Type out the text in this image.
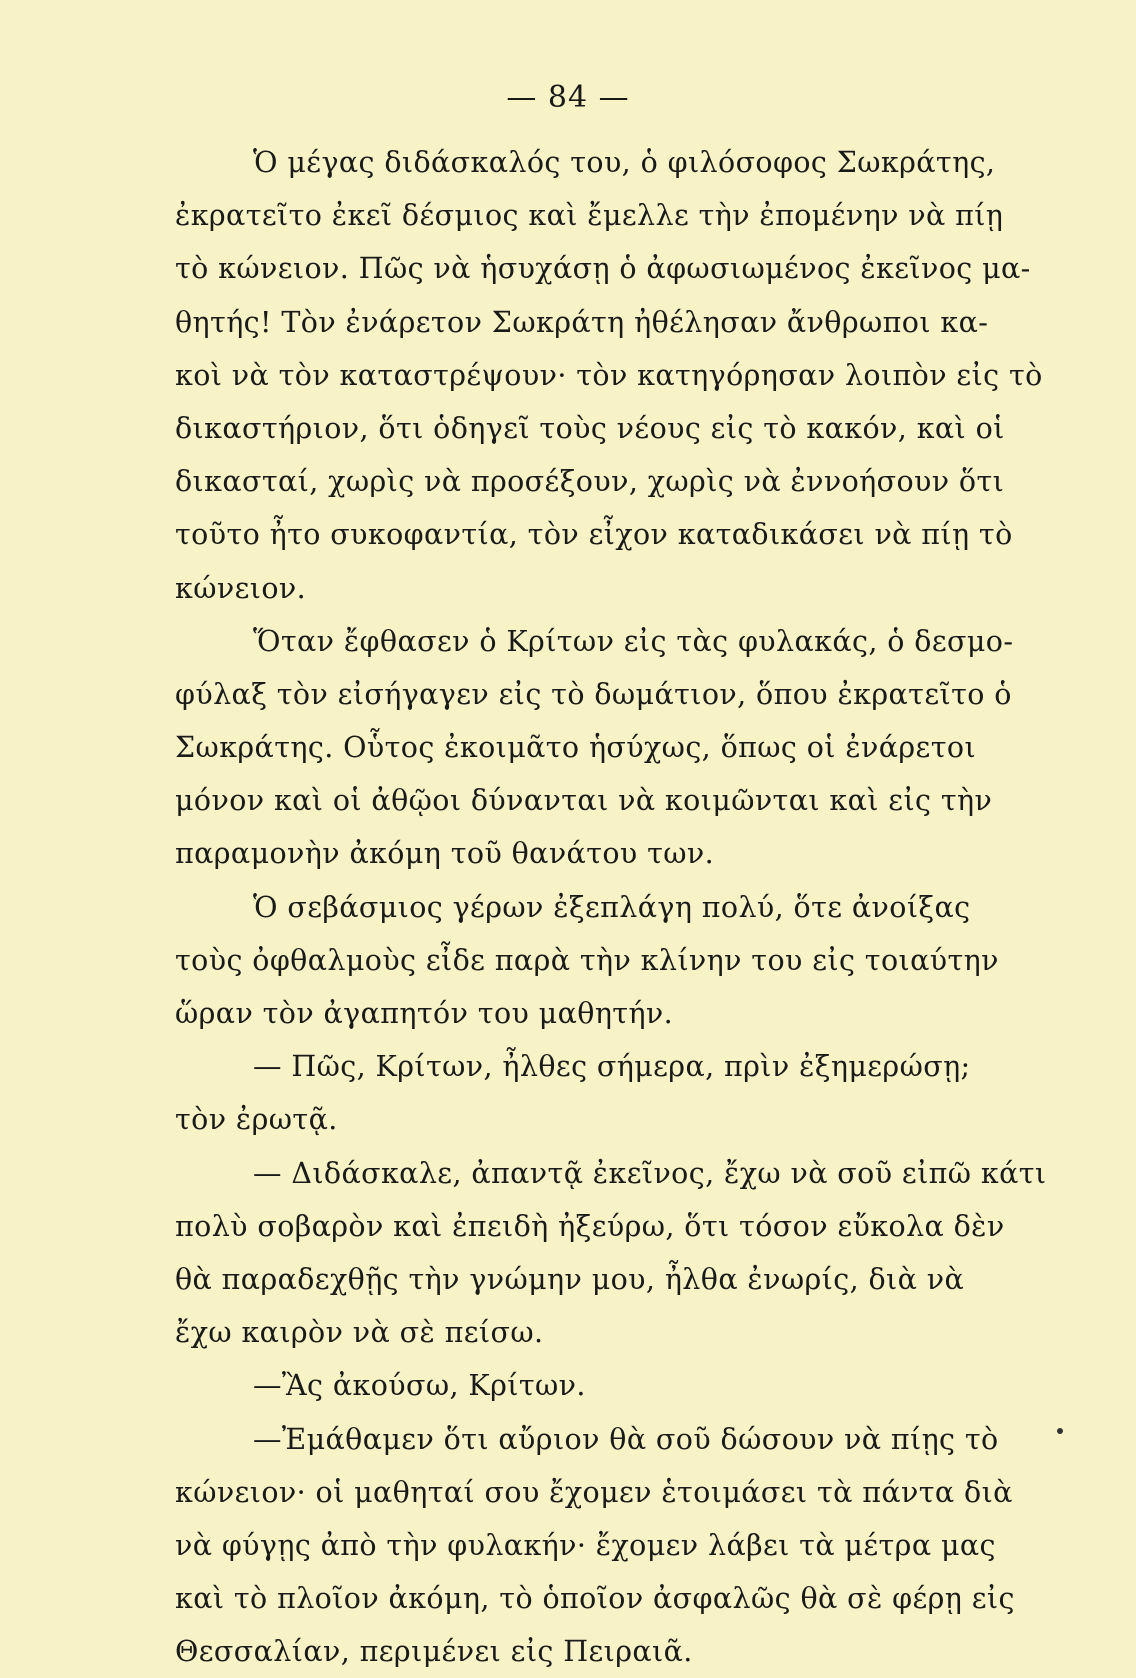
— 84 —
Ὁ μέγας διδάσκαλός του, ὁ φιλόσοφος Σωκράτης,
ἐκρατεῖτο ἐκεῖ δέσμιος καὶ ἔμελλε τὴν ἐπομένην νὰ πίῃ
τὸ κώνειον. Πῶς νὰ ἡσυχάσῃ ὁ ἀφωσιωμένος ἐκεῖνος μα-
θητής! Τὸν ἐνάρετον Σωκράτη ἠθέλησαν ἄνθρωποι κα-
κοὶ νὰ τὸν καταστρέψουν· τὸν κατηγόρησαν λοιπὸν εἰς τὸ
δικαστήριον, ὅτι ὁδηγεῖ τοὺς νέους εἰς τὸ κακόν, καὶ οἱ
δικασταί, χωρὶς νὰ προσέξουν, χωρὶς νὰ ἐννοήσουν ὅτι
τοῦτο ἦτο συκοφαντία, τὸν εἶχον καταδικάσει νὰ πίῃ τὸ
κώνειον.
Ὅταν ἔφθασεν ὁ Κρίτων εἰς τὰς φυλακάς, ὁ δεσμο-
φύλαξ τὸν εἰσήγαγεν εἰς τὸ δωμάτιον, ὅπου ἐκρατεῖτο ὁ
Σωκράτης. Οὗτος ἐκοιμᾶτο ἡσύχως, ὅπως οἱ ἐνάρετοι
μόνον καὶ οἱ ἀθῷοι δύνανται νὰ κοιμῶνται καὶ εἰς τὴν
παραμονὴν ἀκόμη τοῦ θανάτου των.
Ὁ σεβάσμιος γέρων ἐξεπλάγη πολύ, ὅτε ἀνοίξας
τοὺς ὀφθαλμοὺς εἶδε παρὰ τὴν κλίνην του εἰς τοιαύτην
ὥραν τὸν ἀγαπητόν του μαθητήν.
— Πῶς, Κρίτων, ἦλθες σήμερα, πρὶν ἐξημερώσῃ;
τὸν ἐρωτᾷ.
— Διδάσκαλε, ἀπαντᾷ ἐκεῖνος, ἔχω νὰ σοῦ εἰπῶ κάτι
πολὺ σοβαρὸν καὶ ἐπειδὴ ἠξεύρω, ὅτι τόσον εὔκολα δὲν
θὰ παραδεχθῇς τὴν γνώμην μου, ἦλθα ἐνωρίς, διὰ νὰ
ἔχω καιρὸν νὰ σὲ πείσω.
—Ἂς ἀκούσω, Κρίτων.
—Ἐμάθαμεν ὅτι αὔριον θὰ σοῦ δώσουν νὰ πίῃς τὸ
κώνειον· οἱ μαθηταί σου ἔχομεν ἑτοιμάσει τὰ πάντα διὰ
νὰ φύγῃς ἀπὸ τὴν φυλακήν· ἔχομεν λάβει τὰ μέτρα μας
καὶ τὸ πλοῖον ἀκόμη, τὸ ὁποῖον ἀσφαλῶς θὰ σὲ φέρῃ εἰς
Θεσσαλίαν, περιμένει εἰς Πειραιᾶ.
